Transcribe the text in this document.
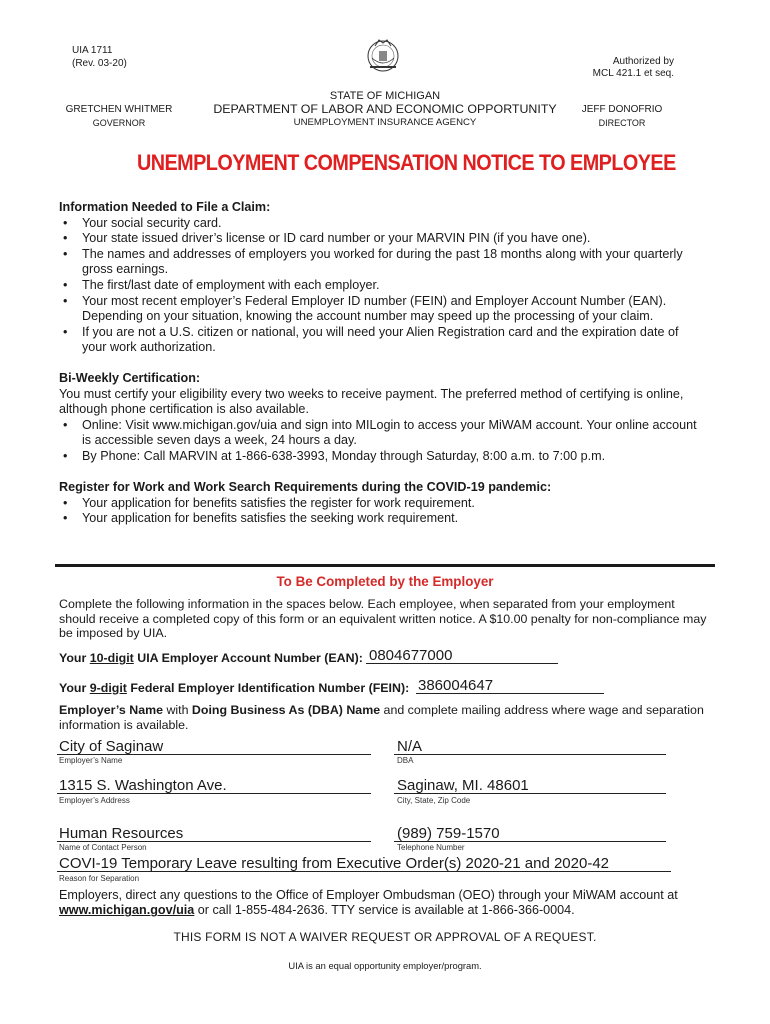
UIA 1711
(Rev. 03-20)	Authorized by
MCL 421.1 et seq.
STATE OF MICHIGAN
DEPARTMENT OF LABOR AND ECONOMIC OPPORTUNITY
UNEMPLOYMENT INSURANCE AGENCY
GRETCHEN WHITMER
GOVERNOR
JEFF DONOFRIO
DIRECTOR
UNEMPLOYMENT COMPENSATION NOTICE TO EMPLOYEE
Information Needed to File a Claim:
• Your social security card.
• Your state issued driver’s license or ID card number or your MARVIN PIN (if you have one).
• The names and addresses of employers you worked for during the past 18 months along with your quarterly gross earnings.
• The first/last date of employment with each employer.
• Your most recent employer’s Federal Employer ID number (FEIN) and Employer Account Number (EAN). Depending on your situation, knowing the account number may speed up the processing of your claim.
• If you are not a U.S. citizen or national, you will need your Alien Registration card and the expiration date of your work authorization.
Bi-Weekly Certification:
You must certify your eligibility every two weeks to receive payment. The preferred method of certifying is online, although phone certification is also available.
• Online: Visit www.michigan.gov/uia and sign into MILogin to access your MiWAM account. Your online account is accessible seven days a week, 24 hours a day.
• By Phone: Call MARVIN at 1-866-638-3993, Monday through Saturday, 8:00 a.m. to 7:00 p.m.
Register for Work and Work Search Requirements during the COVID-19 pandemic:
• Your application for benefits satisfies the register for work requirement.
• Your application for benefits satisfies the seeking work requirement.
To Be Completed by the Employer
Complete the following information in the spaces below. Each employee, when separated from your employment should receive a completed copy of this form or an equivalent written notice. A $10.00 penalty for non-compliance may be imposed by UIA.
Your 10-digit UIA Employer Account Number (EAN): 0804677000
Your 9-digit Federal Employer Identification Number (FEIN): 386004647
Employer’s Name with Doing Business As (DBA) Name and complete mailing address where wage and separation information is available.
City of Saginaw
Employer’s Name
N/A
DBA
1315 S. Washington Ave.
Employer’s Address
Saginaw, MI. 48601
City, State, Zip Code
Human Resources
Name of Contact Person
(989) 759-1570
Telephone Number
COVI-19 Temporary Leave resulting from Executive Order(s) 2020-21 and 2020-42
Reason for Separation
Employers, direct any questions to the Office of Employer Ombudsman (OEO) through your MiWAM account at www.michigan.gov/uia or call 1-855-484-2636. TTY service is available at 1-866-366-0004.
THIS FORM IS NOT A WAIVER REQUEST OR APPROVAL OF A REQUEST.
UIA is an equal opportunity employer/program.
